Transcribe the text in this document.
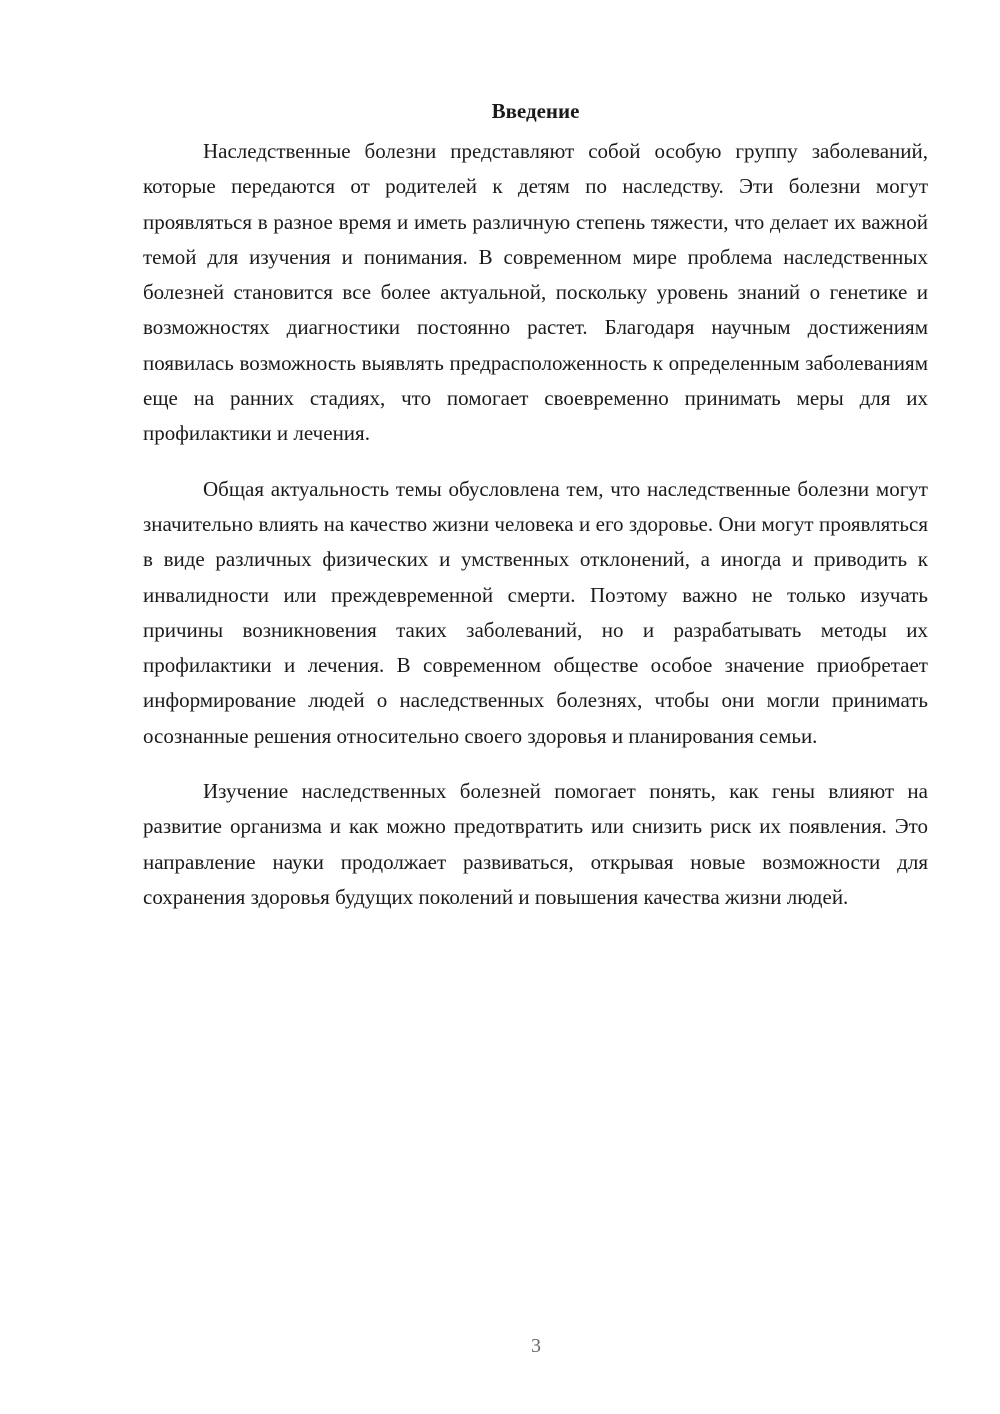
Введение

Наследственные болезни представляют собой особую группу заболеваний, которые передаются от родителей к детям по наследству. Эти болезни могут проявляться в разное время и иметь различную степень тяжести, что делает их важной темой для изучения и понимания. В современном мире проблема наследственных болезней становится все более актуальной, поскольку уровень знаний о генетике и возможностях диагностики постоянно растет. Благодаря научным достижениям появилась возможность выявлять предрасположенность к определенным заболеваниям еще на ранних стадиях, что помогает своевременно принимать меры для их профилактики и лечения.

Общая актуальность темы обусловлена тем, что наследственные болезни могут значительно влиять на качество жизни человека и его здоровье. Они могут проявляться в виде различных физических и умственных отклонений, а иногда и приводить к инвалидности или преждевременной смерти. Поэтому важно не только изучать причины возникновения таких заболеваний, но и разрабатывать методы их профилактики и лечения. В современном обществе особое значение приобретает информирование людей о наследственных болезнях, чтобы они могли принимать осознанные решения относительно своего здоровья и планирования семьи.

Изучение наследственных болезней помогает понять, как гены влияют на развитие организма и как можно предотвратить или снизить риск их появления. Это направление науки продолжает развиваться, открывая новые возможности для сохранения здоровья будущих поколений и повышения качества жизни людей.

3
